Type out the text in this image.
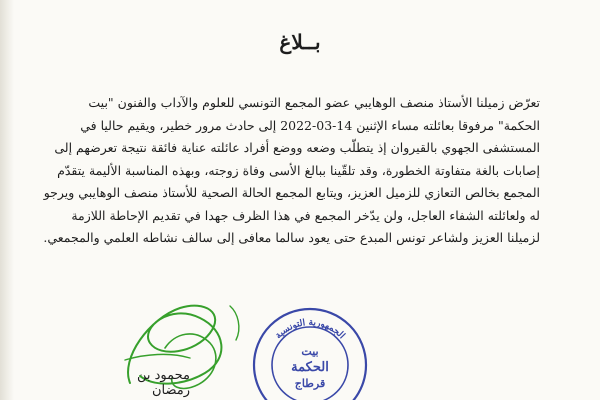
بــلاغ
تعرّض زميلنا الأستاذ منصف الوهايبي عضو المجمع التونسي للعلوم والآداب والفنون "بيت
الحكمة" مرفوقا بعائلته مساء الإثنين 14-03-2022 إلى حادث مرور خطير، ويقيم حاليا في
المستشفى الجهوي بالقيروان إذ يتطلّب وضعه ووضع أفراد عائلته عناية فائقة نتيجة تعرضهم إلى
إصابات بالغة متفاوتة الخطورة، وقد تلقّينا ببالغ الأسى وفاة زوجته، وبهذه المناسبة الأليمة يتقدّم
المجمع بخالص التعازي للزميل العزيز، ويتابع المجمع الحالة الصحية للأستاذ منصف الوهايبي ويرجو
له ولعائلته الشفاء العاجل، ولن يدّخر المجمع في هذا الظرف جهدا في تقديم الإحاطة اللازمة
لزميلنا العزيز ولشاعر تونس المبدع حتى يعود سالما معافى إلى سالف نشاطه العلمي والمجمعي.
محمود بن رمضان
الجمهورية التونسية
بيت
الحكمة
قرطاج
